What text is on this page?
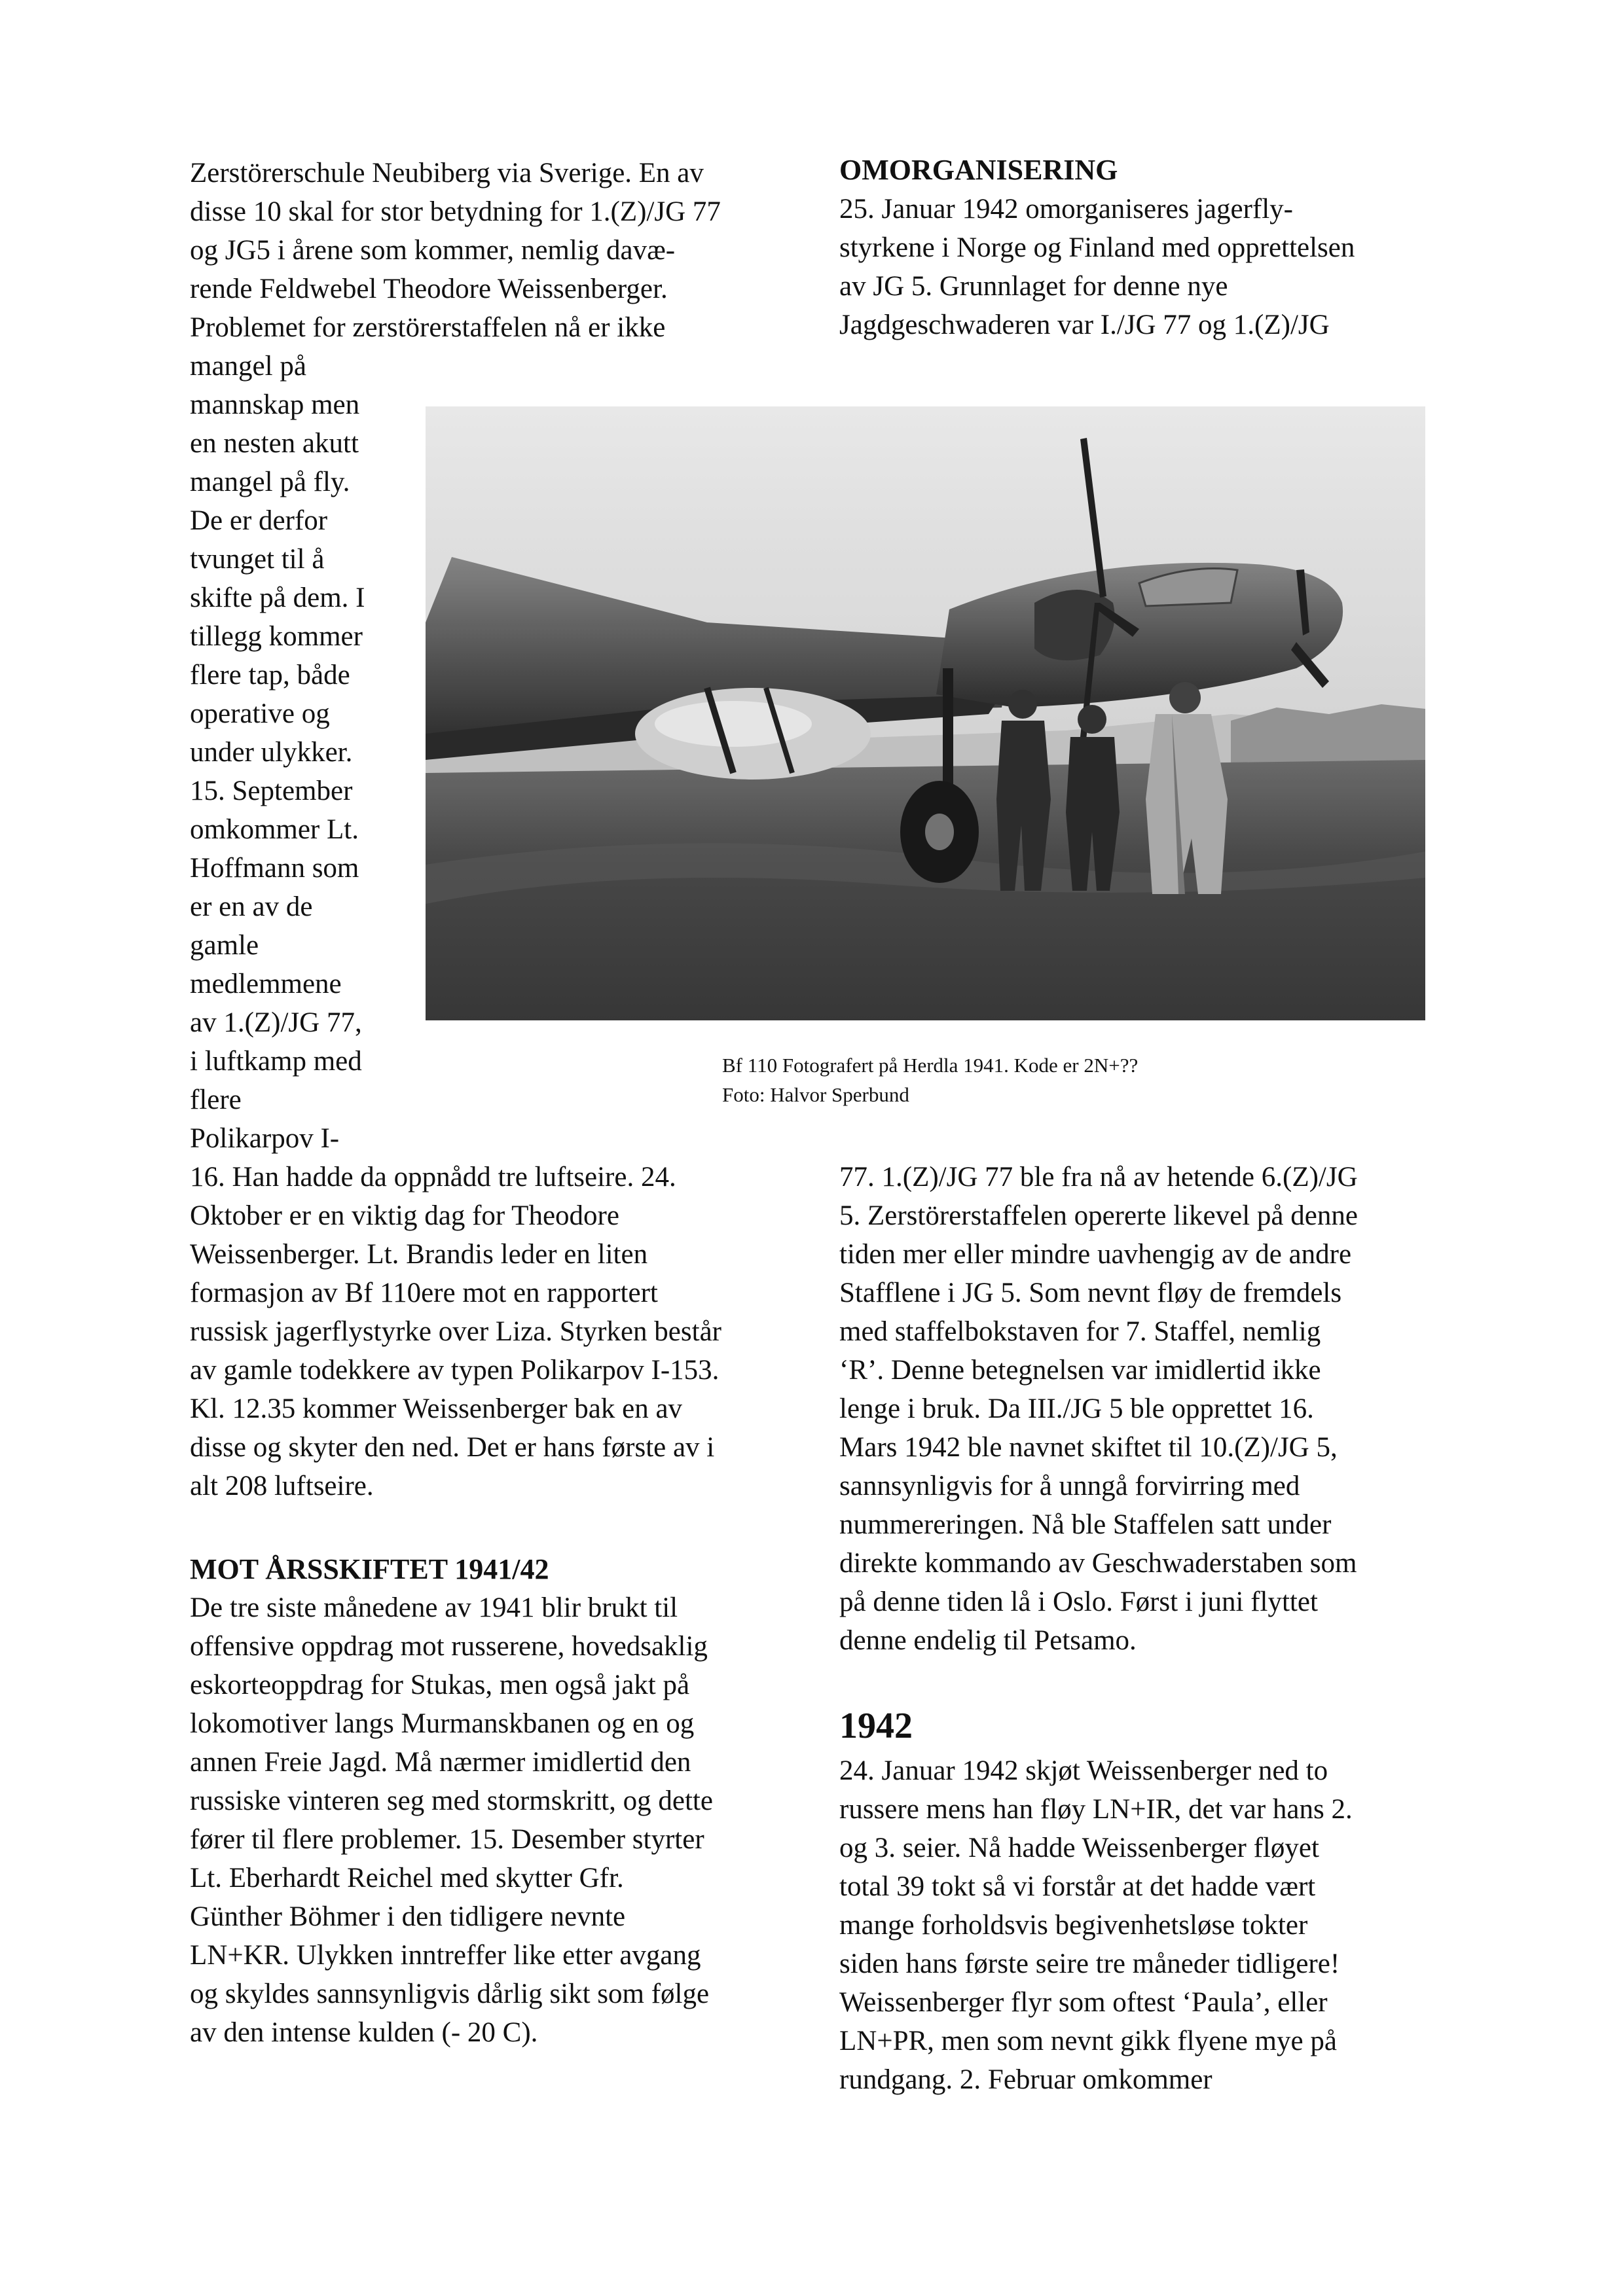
Zerstörerschule Neubiberg via Sverige. En av
disse 10 skal for stor betydning for 1.(Z)/JG 77
og JG5 i årene som kommer, nemlig davæ-
rende Feldwebel Theodore Weissenberger.
Problemet for zerstörerstaffelen nå er ikke
mangel på
mannskap men
en nesten akutt
mangel på fly.
De er derfor
tvunget til å
skifte på dem. I
tillegg kommer
flere tap, både
operative og
under ulykker.
15. September
omkommer Lt.
Hoffmann som
er en av de
gamle
medlemmene
av 1.(Z)/JG 77,
i luftkamp med
flere
Polikarpov I-
16. Han hadde da oppnådd tre luftseire. 24.
Oktober er en viktig dag for Theodore
Weissenberger. Lt. Brandis leder en liten
formasjon av Bf 110ere mot en rapportert
russisk jagerflystyrke over Liza. Styrken består
av gamle todekkere av typen Polikarpov I-153.
Kl. 12.35 kommer Weissenberger bak en av
disse og skyter den ned. Det er hans første av i
alt 208 luftseire.
MOT ÅRSSKIFTET 1941/42
De tre siste månedene av 1941 blir brukt til
offensive oppdrag mot russerene, hovedsaklig
eskorteoppdrag for Stukas, men også jakt på
lokomotiver langs Murmanskbanen og en og
annen Freie Jagd. Må nærmer imidlertid den
russiske vinteren seg med stormskritt, og dette
fører til flere problemer. 15. Desember styrter
Lt. Eberhardt Reichel med skytter Gfr.
Günther Böhmer i den tidligere nevnte
LN+KR. Ulykken inntreffer like etter avgang
og skyldes sannsynligvis dårlig sikt som følge
av den intense kulden (- 20 C).
OMORGANISERING
25. Januar 1942 omorganiseres jagerfly-
styrkene i Norge og Finland med opprettelsen
av JG 5. Grunnlaget for denne nye
Jagdgeschwaderen var I./JG 77 og 1.(Z)/JG
Bf 110 Fotografert på Herdla 1941. Kode er 2N+??
Foto: Halvor Sperbund
77. 1.(Z)/JG 77 ble fra nå av hetende 6.(Z)/JG
5. Zerstörerstaffelen opererte likevel på denne
tiden mer eller mindre uavhengig av de andre
Stafflene i JG 5. Som nevnt fløy de fremdels
med staffelbokstaven for 7. Staffel, nemlig
‘R’. Denne betegnelsen var imidlertid ikke
lenge i bruk. Da III./JG 5 ble opprettet 16.
Mars 1942 ble navnet skiftet til 10.(Z)/JG 5,
sannsynligvis for å unngå forvirring med
nummereringen. Nå ble Staffelen satt under
direkte kommando av Geschwaderstaben som
på denne tiden lå i Oslo. Først i juni flyttet
denne endelig til Petsamo.
1942
24. Januar 1942 skjøt Weissenberger ned to
russere mens han fløy LN+IR, det var hans 2.
og 3. seier. Nå hadde Weissenberger fløyet
total 39 tokt så vi forstår at det hadde vært
mange forholdsvis begivenhetsløse tokter
siden hans første seire tre måneder tidligere!
Weissenberger flyr som oftest ‘Paula’, eller
LN+PR, men som nevnt gikk flyene mye på
rundgang. 2. Februar omkommer
